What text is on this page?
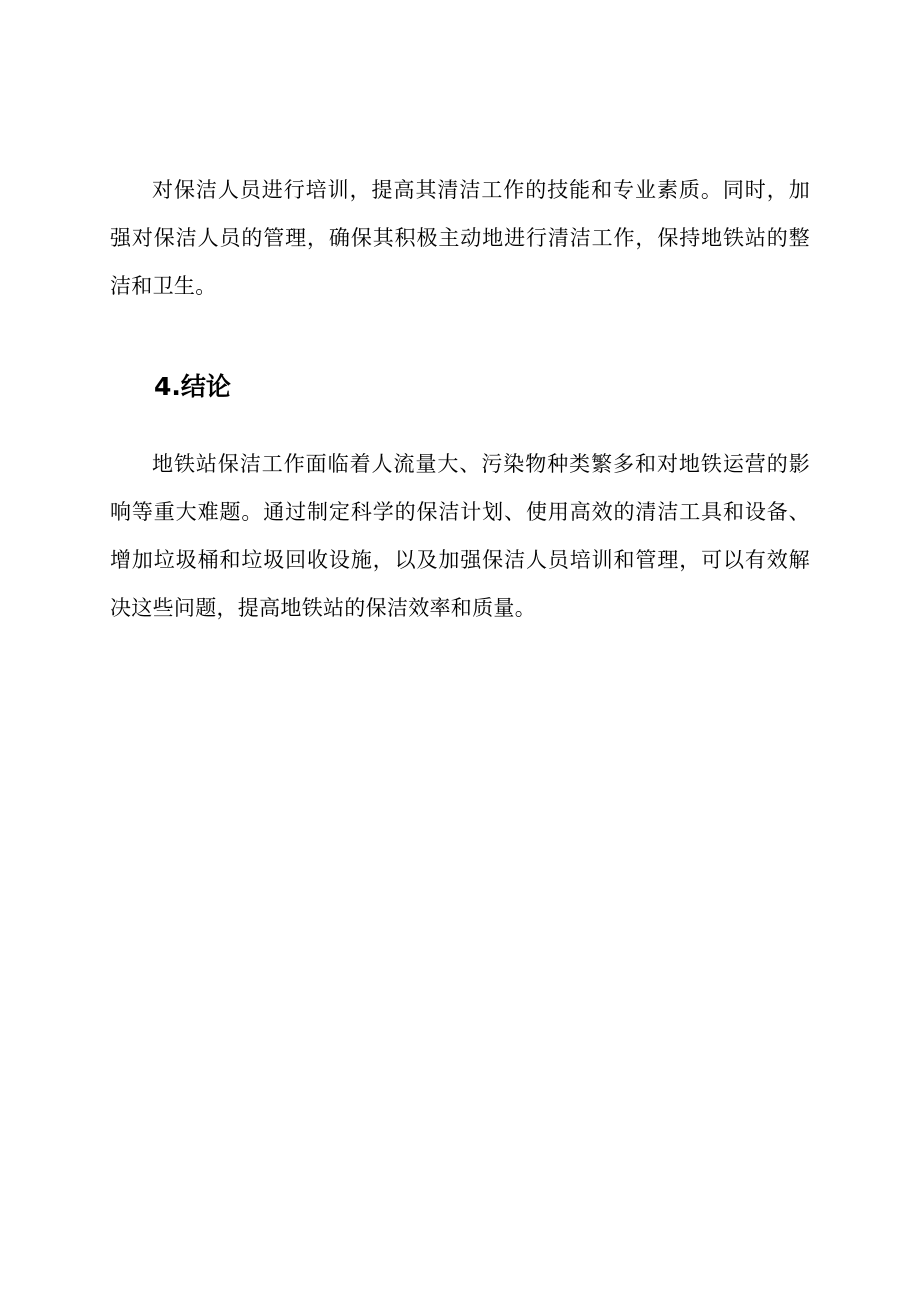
对保洁人员进行培训，提高其清洁工作的技能和专业素质。同时，加强对保洁人员的管理，确保其积极主动地进行清洁工作，保持地铁站的整洁和卫生。

4.结论

地铁站保洁工作面临着人流量大、污染物种类繁多和对地铁运营的影响等重大难题。通过制定科学的保洁计划、使用高效的清洁工具和设备、增加垃圾桶和垃圾回收设施，以及加强保洁人员培训和管理，可以有效解决这些问题，提高地铁站的保洁效率和质量。
